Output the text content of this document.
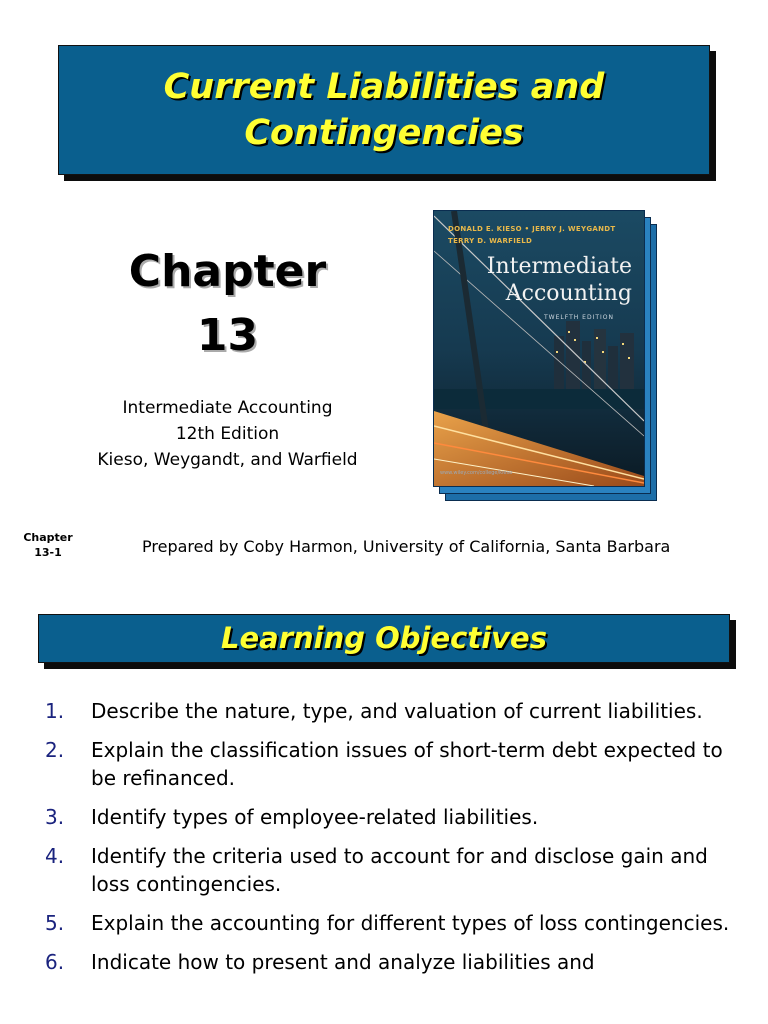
Current Liabilities and
Contingencies
Chapter
13
Intermediate Accounting
12th Edition
Kieso, Weygandt, and Warfield
DONALD E. KIESO • JERRY J. WEYGANDT
TERRY D. WARFIELD
Intermediate
Accounting
TWELFTH EDITION
www.wiley.com/college/kieso
Chapter
13-1	Prepared by Coby Harmon, University of California, Santa Barbara
Learning Objectives
1. Describe the nature, type, and valuation of current liabilities.
2. Explain the classification issues of short-term debt expected to be refinanced.
3. Identify types of employee-related liabilities.
4. Identify the criteria used to account for and disclose gain and loss contingencies.
5. Explain the accounting for different types of loss contingencies.
6. Indicate how to present and analyze liabilities and
